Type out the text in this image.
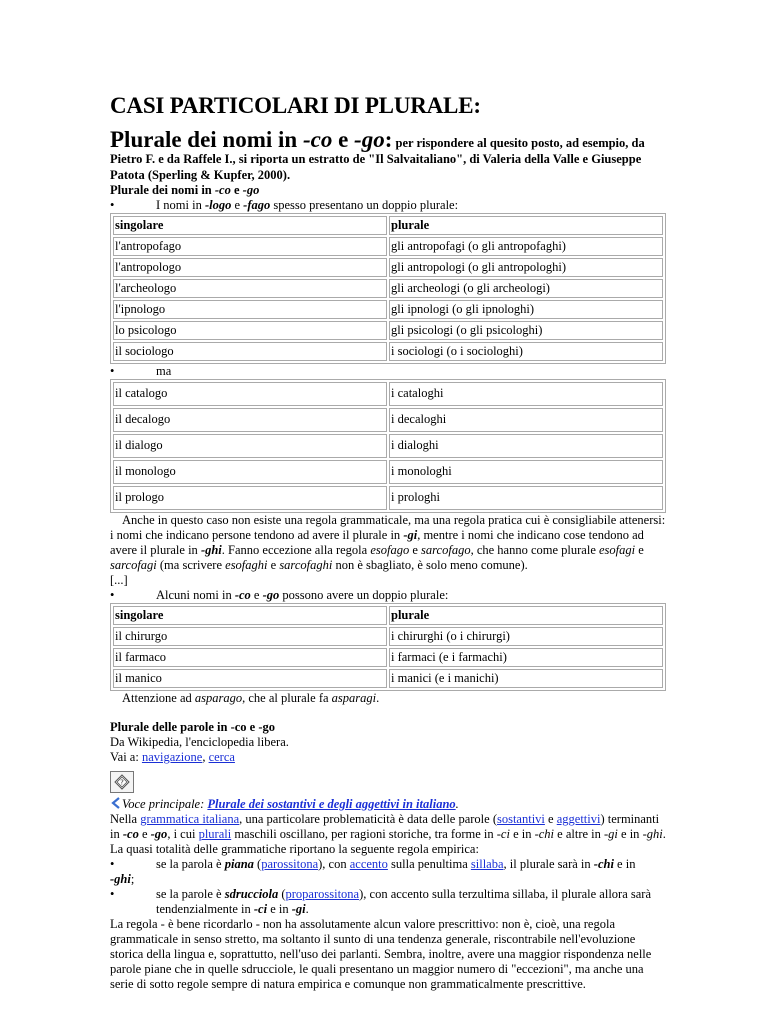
CASI PARTICOLARI DI PLURALE:

Plurale dei nomi in -co e -go: per rispondere al quesito posto, ad esempio, da Pietro F. e da Raffele I., si riporta un estratto de "Il Salvaitaliano", di Valeria della Valle e Giuseppe Patota (Sperling & Kupfer, 2000).

Plurale dei nomi in -co e -go

•	I nomi in -logo e -fago spesso presentano un doppio plurale:
singolare	plurale
l'antropofago	gli antropofagi (o gli antropofaghi)
l'antropologo	gli antropologi (o gli antropologhi)
l'archeologo	gli archeologi (o gli archeologi)
l'ipnologo	gli ipnologi (o gli ipnologhi)
lo psicologo	gli psicologi (o gli psicologhi)
il sociologo	i sociologi (o i sociologhi)
•	ma
il catalogo	i cataloghi
il decalogo	i decaloghi
il dialogo	i dialoghi
il monologo	i monologhi
il prologo	i prologhi

Anche in questo caso non esiste una regola grammaticale, ma una regola pratica cui è consigliabile attenersi: i nomi che indicano persone tendono ad avere il plurale in -gi, mentre i nomi che indicano cose tendono ad avere il plurale in -ghi. Fanno eccezione alla regola esofago e sarcofago, che hanno come plurale esofagi e sarcofagi (ma scrivere esofaghi e sarcofaghi non è sbagliato, è solo meno comune).
[...]

•	Alcuni nomi in -co e -go possono avere un doppio plurale:
singolare	plurale
il chirurgo	i chirurghi (o i chirurgi)
il farmaco	i farmaci (e i farmachi)
il manico	i manici (e i manichi)

Attenzione ad asparago, che al plurale fa asparagi.

Plurale delle parole in -co e -go

Da Wikipedia, l'enciclopedia libera.

Vai a: navigazione, cerca

?

Voce principale: Plurale dei sostantivi e degli aggettivi in italiano.

Nella grammatica italiana, una particolare problematicità è data delle parole (sostantivi e aggettivi) terminanti in -co e -go, i cui plurali maschili oscillano, per ragioni storiche, tra forme in -ci e in -chi e altre in -gi e in -ghi. La quasi totalità delle grammatiche riportano la seguente regola empirica:

•	se la parola è piana (parossitona), con accento sulla penultima sillaba, il plurale sarà in -chi e in

-ghi;

•	se la parole è sdrucciola (proparossitona), con accento sulla terzultima sillaba, il plurale allora sarà tendenzialmente in -ci e in -gi.

La regola - è bene ricordarlo - non ha assolutamente alcun valore prescrittivo: non è, cioè, una regola grammaticale in senso stretto, ma soltanto il sunto di una tendenza generale, riscontrabile nell'evoluzione storica della lingua e, soprattutto, nell'uso dei parlanti. Sembra, inoltre, avere una maggior rispondenza nelle parole piane che in quelle sdrucciole, le quali presentano un maggior numero di "eccezioni", ma anche una serie di sotto regole sempre di natura empirica e comunque non grammaticalmente prescrittive.
